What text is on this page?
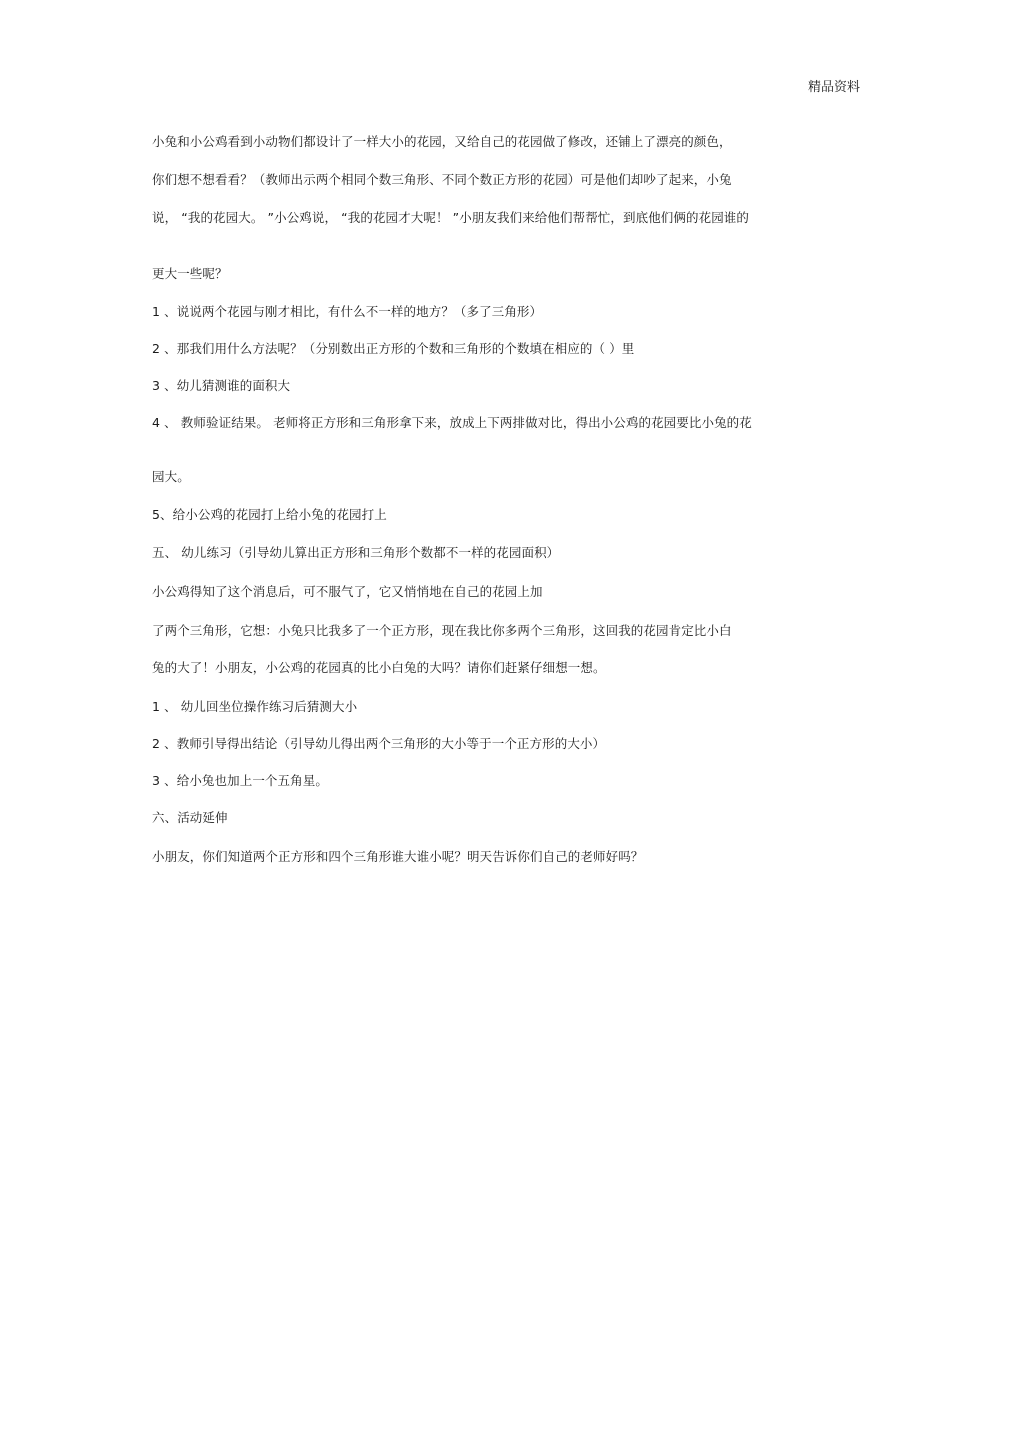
精品资料
小兔和小公鸡看到小动物们都设计了一样大小的花园，又给自己的花园做了修改，还铺上了漂亮的颜色，
你们想不想看看？（教师出示两个相同个数三角形、不同个数正方形的花园）可是他们却吵了起来，小兔
说， “我的花园大。 ”小公鸡说， “我的花园才大呢！ ”小朋友我们来给他们帮帮忙，到底他们俩的花园谁的
更大一些呢？
1 、说说两个花园与刚才相比，有什么不一样的地方？（多了三角形）
2 、那我们用什么方法呢？（分别数出正方形的个数和三角形的个数填在相应的（ ）里
3 、幼儿猜测谁的面积大
4 、 教师验证结果。 老师将正方形和三角形拿下来，放成上下两排做对比，得出小公鸡的花园要比小兔的花
园大。
5、给小公鸡的花园打上给小兔的花园打上
五、 幼儿练习（引导幼儿算出正方形和三角形个数都不一样的花园面积）
小公鸡得知了这个消息后，可不服气了，它又悄悄地在自己的花园上加
了两个三角形，它想：小兔只比我多了一个正方形，现在我比你多两个三角形，这回我的花园肯定比小白
兔的大了！小朋友，小公鸡的花园真的比小白兔的大吗？请你们赶紧仔细想一想。
1 、 幼儿回坐位操作练习后猜测大小
2 、教师引导得出结论（引导幼儿得出两个三角形的大小等于一个正方形的大小）
3 、给小兔也加上一个五角星。
六、活动延伸
小朋友，你们知道两个正方形和四个三角形谁大谁小呢？明天告诉你们自己的老师好吗？
